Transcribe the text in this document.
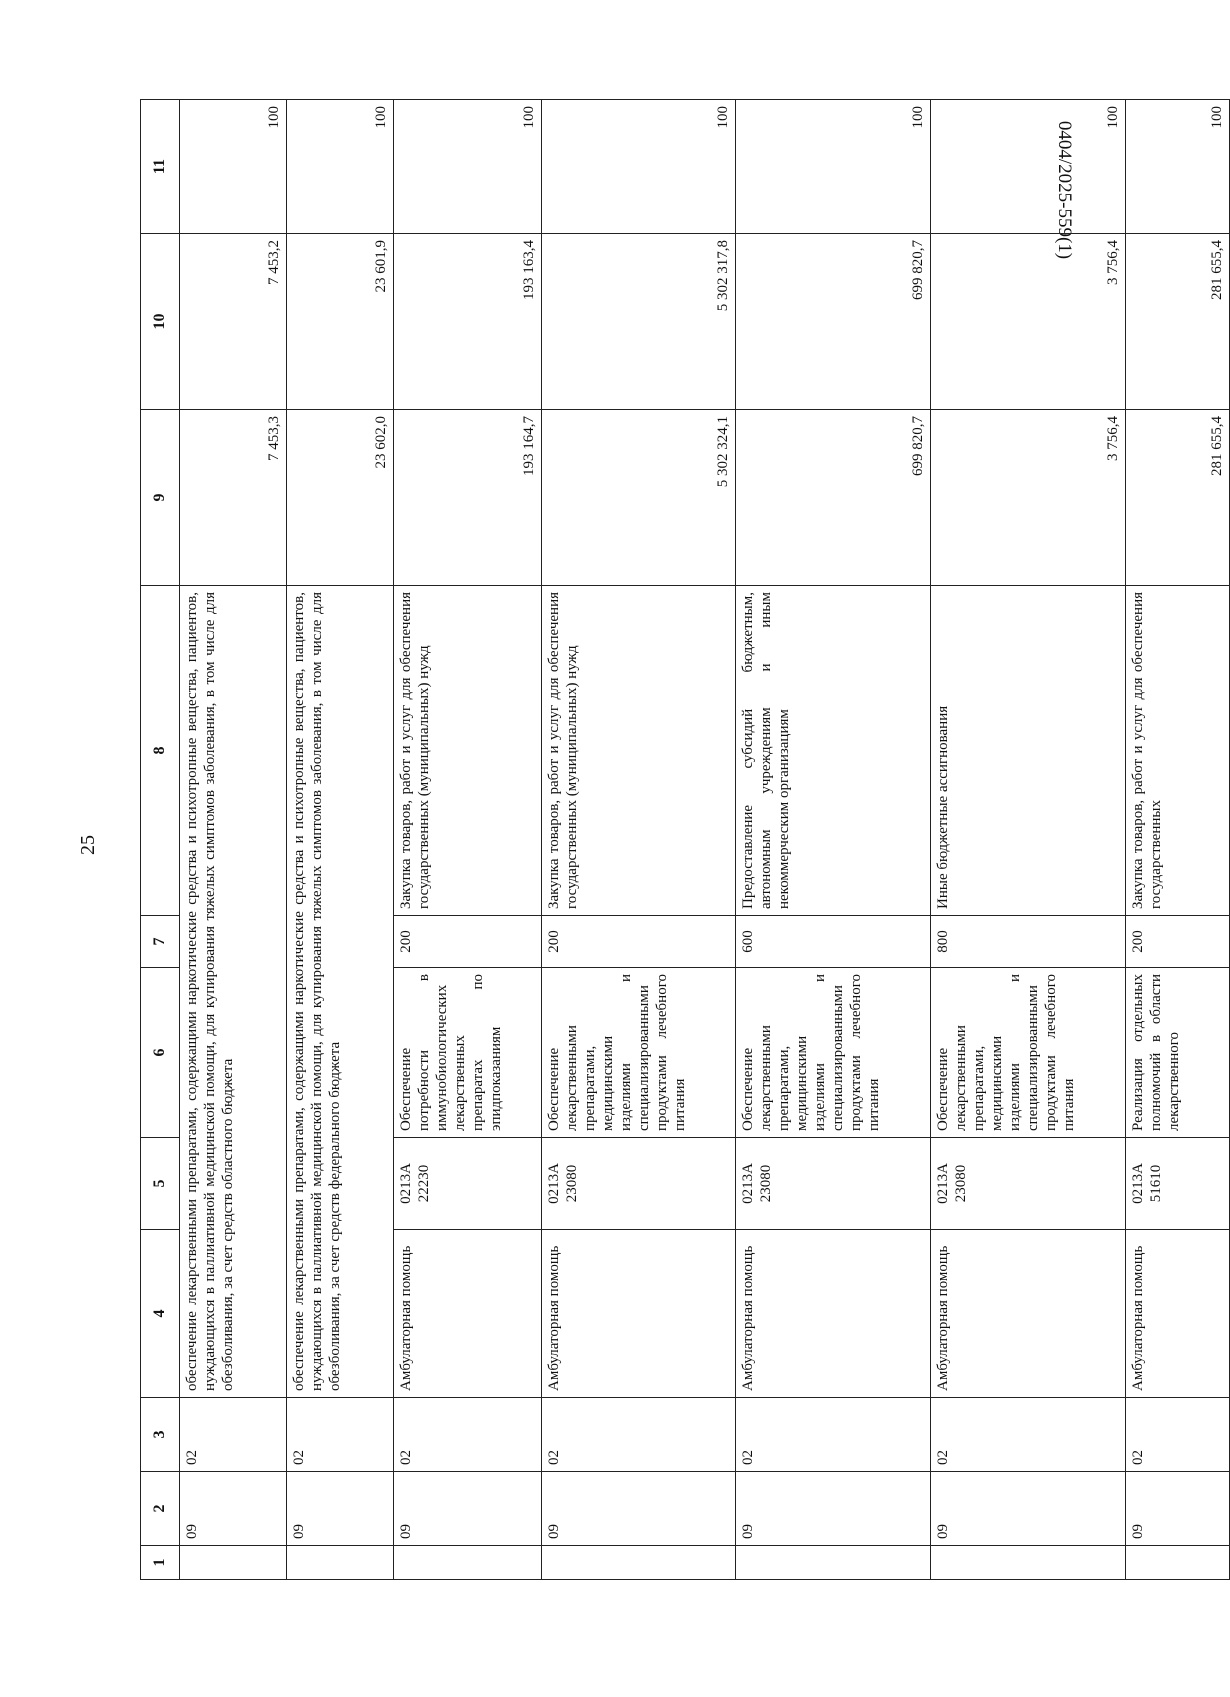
25
0404/2025-559(1)
1	2	3	4	5	6	7	8	9	10	11
	09	02	обеспечение лекарственными препаратами, содержащими наркотические средства и психотропные вещества, пациентов, нуждающихся в паллиативной медицинской помощи, для купирования тяжелых симптомов заболевания, в том числе для обезболивания, за счет средств областного бюджета					7 453,3	7 453,2	100
	09	02	обеспечение лекарственными препаратами, содержащими наркотические средства и психотропные вещества, пациентов, нуждающихся в паллиативной медицинской помощи, для купирования тяжелых симптомов заболевания, в том числе для обезболивания, за счет средств федерального бюджета					23 602,0	23 601,9	100
	09	02	Амбулаторная помощь	0213А 22230	Обеспечение потребности в иммунобиологических лекарственных препаратах по эпидпоказаниям	200	Закупка товаров, работ и услуг для обеспечения государственных (муниципальных) нужд	193 164,7	193 163,4	100
	09	02	Амбулаторная помощь	0213А 23080	Обеспечение лекарственными препаратами, медицинскими изделиями и специализированными продуктами лечебного питания	200	Закупка товаров, работ и услуг для обеспечения государственных (муниципальных) нужд	5 302 324,1	5 302 317,8	100
	09	02	Амбулаторная помощь	0213А 23080	Обеспечение лекарственными препаратами, медицинскими изделиями и специализированными продуктами лечебного питания	600	Предоставление субсидий бюджетным, автономным учреждениям и иным некоммерческим организациям	699 820,7	699 820,7	100
	09	02	Амбулаторная помощь	0213А 23080	Обеспечение лекарственными препаратами, медицинскими изделиями и специализированными продуктами лечебного питания	800	Иные бюджетные ассигнования	3 756,4	3 756,4	100
	09	02	Амбулаторная помощь	0213А 51610	Реализация отдельных полномочий в области лекарственного	200	Закупка товаров, работ и услуг для обеспечения государственных	281 655,4	281 655,4	100
